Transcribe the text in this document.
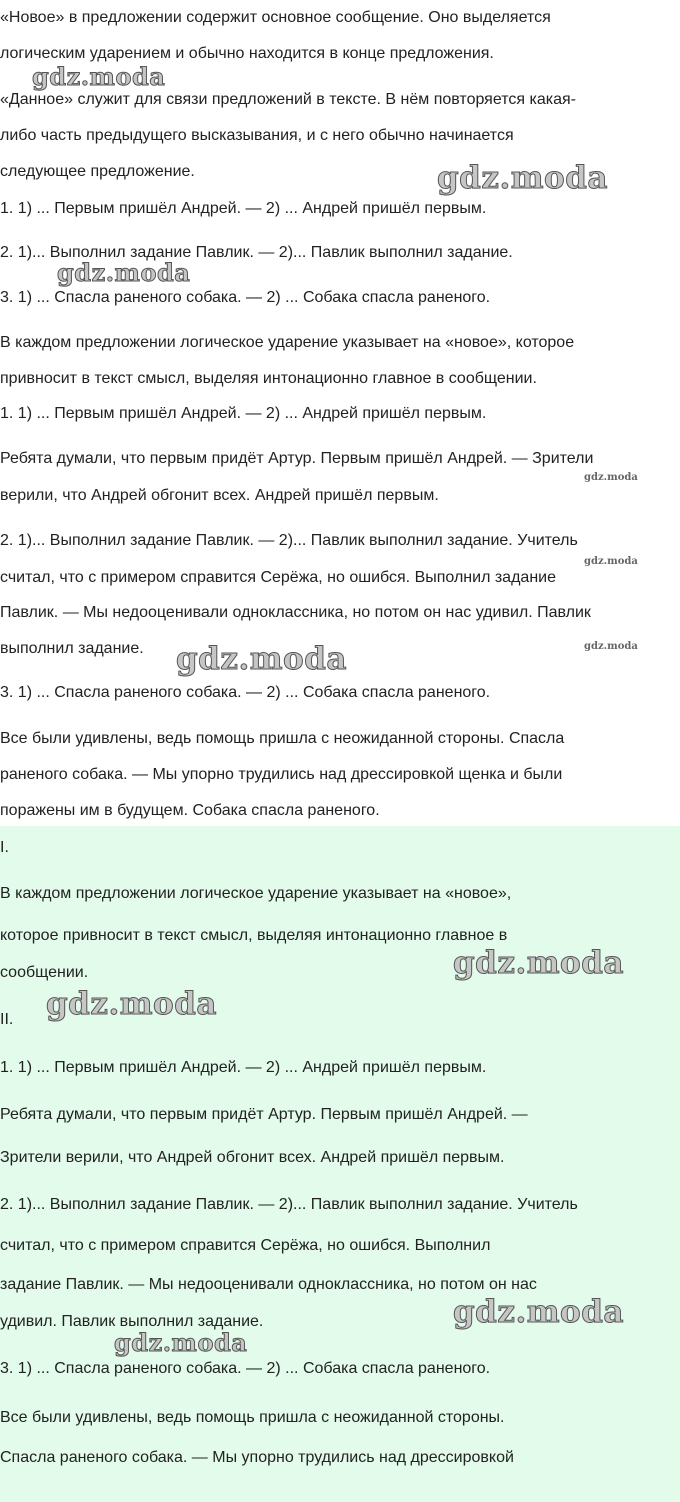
«Новое» в предложении содержит основное сообщение. Оно выделяется
логическим ударением и обычно находится в конце предложения.
«Данное» служит для связи предложений в тексте. В нём повторяется какая-
либо часть предыдущего высказывания, и с него обычно начинается
следующее предложение.
1. 1) ... Первым пришёл Андрей. — 2) ... Андрей пришёл первым.
2. 1)... Выполнил задание Павлик. — 2)... Павлик выполнил задание.
3. 1) ... Спасла раненого собака. — 2) ... Собака спасла раненого.
В каждом предложении логическое ударение указывает на «новое», которое
привносит в текст смысл, выделяя интонационно главное в сообщении.
1. 1) ... Первым пришёл Андрей. — 2) ... Андрей пришёл первым.
Ребята думали, что первым придёт Артур. Первым пришёл Андрей. — Зрители
верили, что Андрей обгонит всех. Андрей пришёл первым.
2. 1)... Выполнил задание Павлик. — 2)... Павлик выполнил задание. Учитель
считал, что с примером справится Серёжа, но ошибся. Выполнил задание
Павлик. — Мы недооценивали одноклассника, но потом он нас удивил. Павлик
выполнил задание.
3. 1) ... Спасла раненого собака. — 2) ... Собака спасла раненого.
Все были удивлены, ведь помощь пришла с неожиданной стороны. Спасла
раненого собака. — Мы упорно трудились над дрессировкой щенка и были
поражены им в будущем. Собака спасла раненого.
I.
В каждом предложении логическое ударение указывает на «новое»,
которое привносит в текст смысл, выделяя интонационно главное в
сообщении.
II.
1. 1) ... Первым пришёл Андрей. — 2) ... Андрей пришёл первым.
Ребята думали, что первым придёт Артур. Первым пришёл Андрей. —
Зрители верили, что Андрей обгонит всех. Андрей пришёл первым.
2. 1)... Выполнил задание Павлик. — 2)... Павлик выполнил задание. Учитель
считал, что с примером справится Серёжа, но ошибся. Выполнил
задание Павлик. — Мы недооценивали одноклассника, но потом он нас
удивил. Павлик выполнил задание.
3. 1) ... Спасла раненого собака. — 2) ... Собака спасла раненого.
Все были удивлены, ведь помощь пришла с неожиданной стороны.
Спасла раненого собака. — Мы упорно трудились над дрессировкой
gdz.moda
gdz.moda
gdz.moda
gdz.moda
gdz.moda
gdz.moda
gdz.moda
gdz.moda
gdz.moda
gdz.moda
gdz.moda
